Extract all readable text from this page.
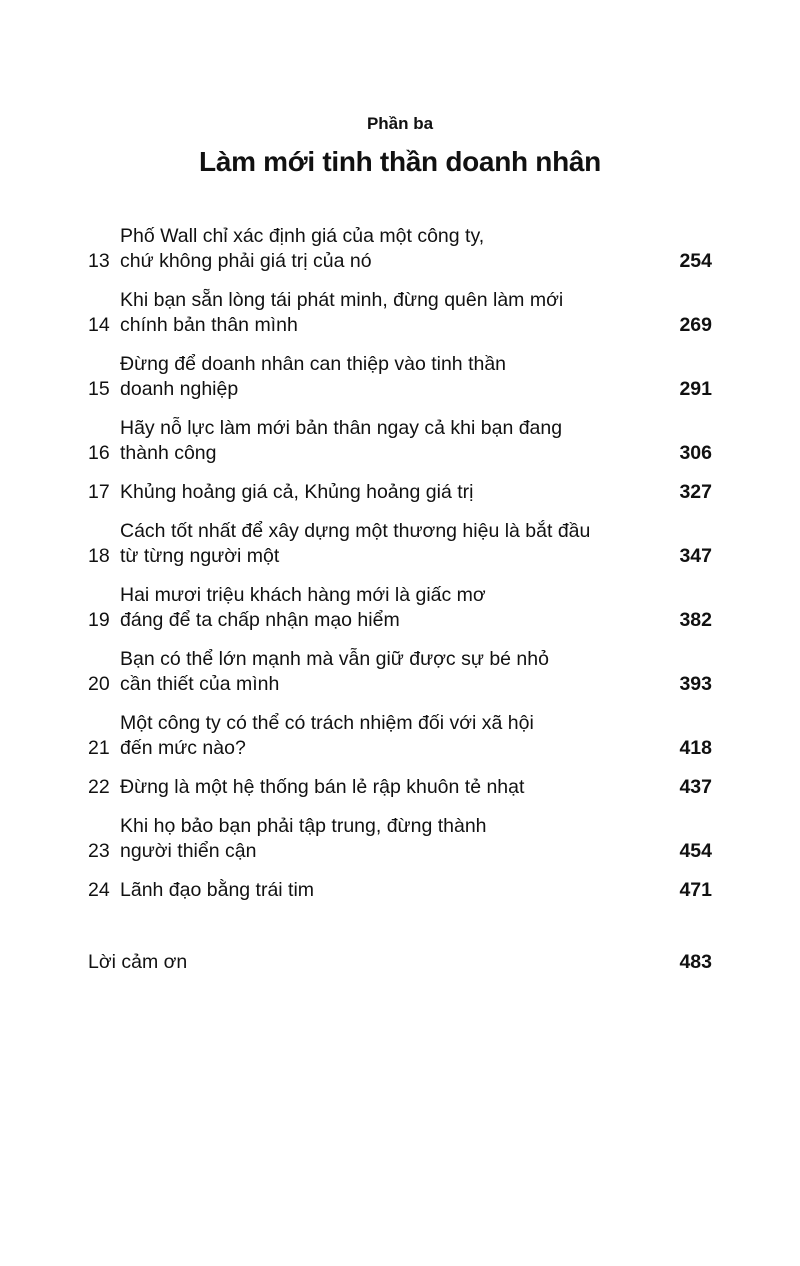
Phần ba
Làm mới tinh thần doanh nhân
13
Phố Wall chỉ xác định giá của một công ty,
chứ không phải giá trị của nó	254
14
Khi bạn sẵn lòng tái phát minh, đừng quên làm mới
chính bản thân mình	269
15
Đừng để doanh nhân can thiệp vào tinh thần
doanh nghiệp	291
16
Hãy nỗ lực làm mới bản thân ngay cả khi bạn đang
thành công	306
17 Khủng hoảng giá cả, Khủng hoảng giá trị	327
18
Cách tốt nhất để xây dựng một thương hiệu là bắt đầu
từ từng người một	347
19
Hai mươi triệu khách hàng mới là giấc mơ
đáng để ta chấp nhận mạo hiểm	382
20
Bạn có thể lớn mạnh mà vẫn giữ được sự bé nhỏ
cần thiết của mình	393
21
Một công ty có thể có trách nhiệm đối với xã hội
đến mức nào?	418
22 Đừng là một hệ thống bán lẻ rập khuôn tẻ nhạt	437
23
Khi họ bảo bạn phải tập trung, đừng thành
người thiển cận	454
24 Lãnh đạo bằng trái tim	471
Lời cảm ơn	483
